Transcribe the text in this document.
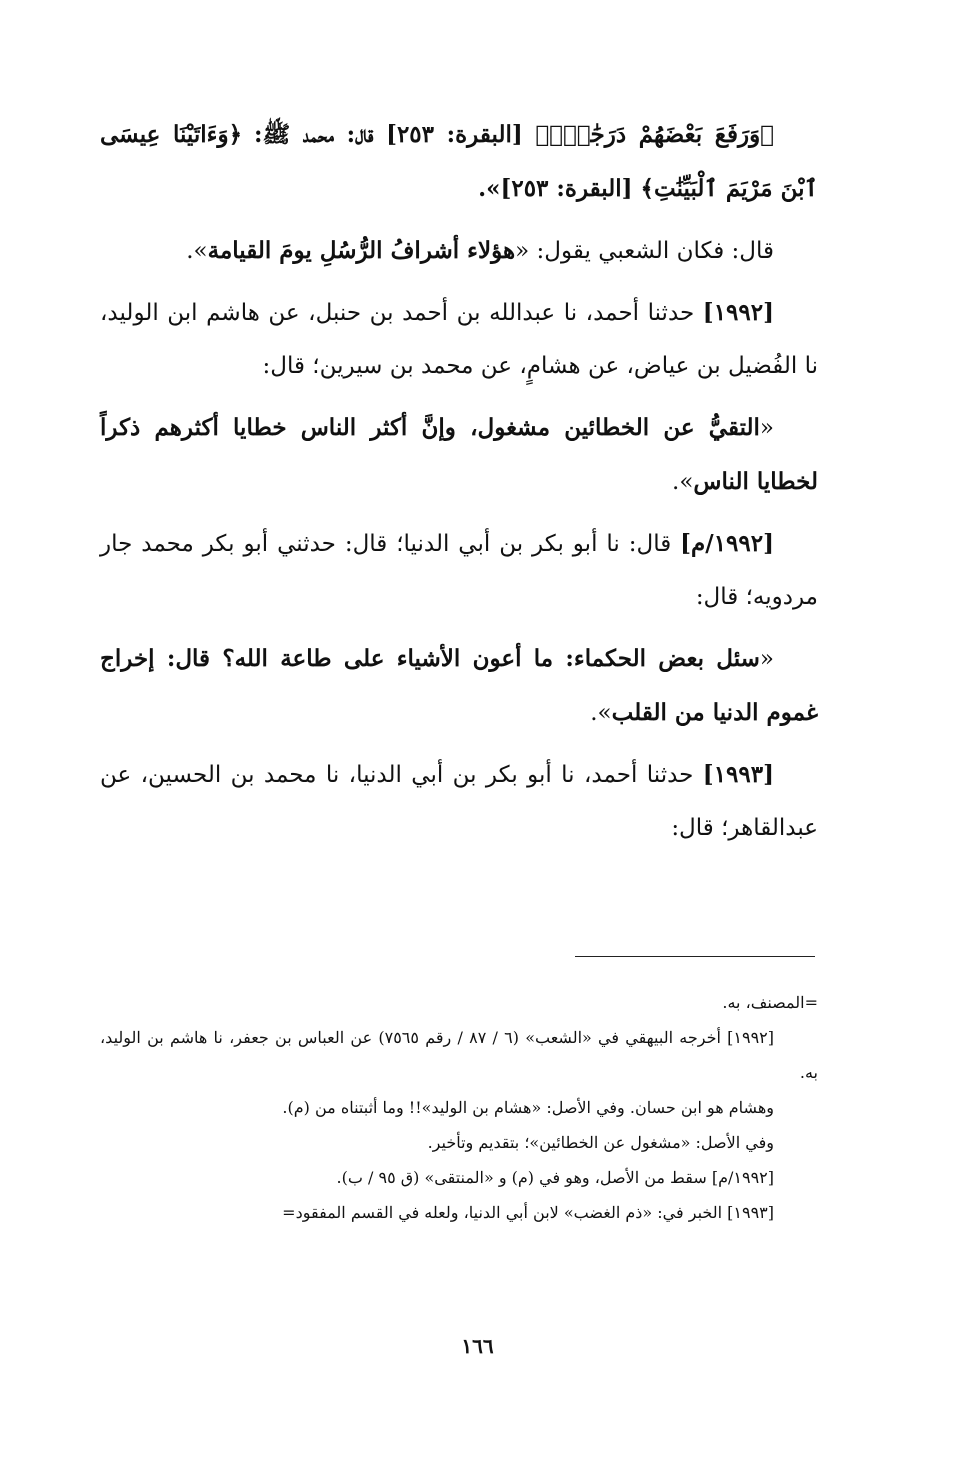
﴿وَرَفَعَ بَعْضَهُمْ دَرَجَٰتٍۚ﴾ [البقرة: ٢٥٣] قال: محمد ﷺ: ﴿وَءَاتَيْنَا عِيسَى ٱبْنَ مَرْيَمَ ٱلْبَيِّنَٰتِ﴾ [البقرة: ٢٥٣]».

قال: فكان الشعبي يقول: «هؤلاء أشرافُ الرُّسُلِ يومَ القيامة».

[١٩٩٢] حدثنا أحمد، نا عبدالله بن أحمد بن حنبل، عن هاشم ابن الوليد، نا الفُضيل بن عياض، عن هشامٍ، عن محمد بن سيرين؛ قال:

«التقيُّ عن الخطائين مشغول، وإنَّ أكثر الناس خطايا أكثرهم ذكراً لخطايا الناس».

[١٩٩٢/م] قال: نا أبو بكر بن أبي الدنيا؛ قال: حدثني أبو بكر محمد جار مردويه؛ قال:

«سئل بعض الحكماء: ما أعون الأشياء على طاعة الله؟ قال: إخراج غموم الدنيا من القلب».

[١٩٩٣] حدثنا أحمد، نا أبو بكر بن أبي الدنيا، نا محمد بن الحسين، عن عبدالقاهر؛ قال:

=المصنف، به.

[١٩٩٢] أخرجه البيهقي في «الشعب» (٦ / ٨٧ / رقم ٧٥٦٥) عن العباس بن جعفر، نا هاشم بن الوليد، به.

وهشام هو ابن حسان. وفي الأصل: «هشام بن الوليد»!! وما أثبتناه من (م).

وفي الأصل: «مشغول عن الخطائين»؛ بتقديم وتأخير.

[١٩٩٢/م] سقط من الأصل، وهو في (م) و «المنتقى» (ق ٩٥ / ب).

[١٩٩٣] الخبر في: «ذم الغضب» لابن أبي الدنيا، ولعله في القسم المفقود=

١٦٦
